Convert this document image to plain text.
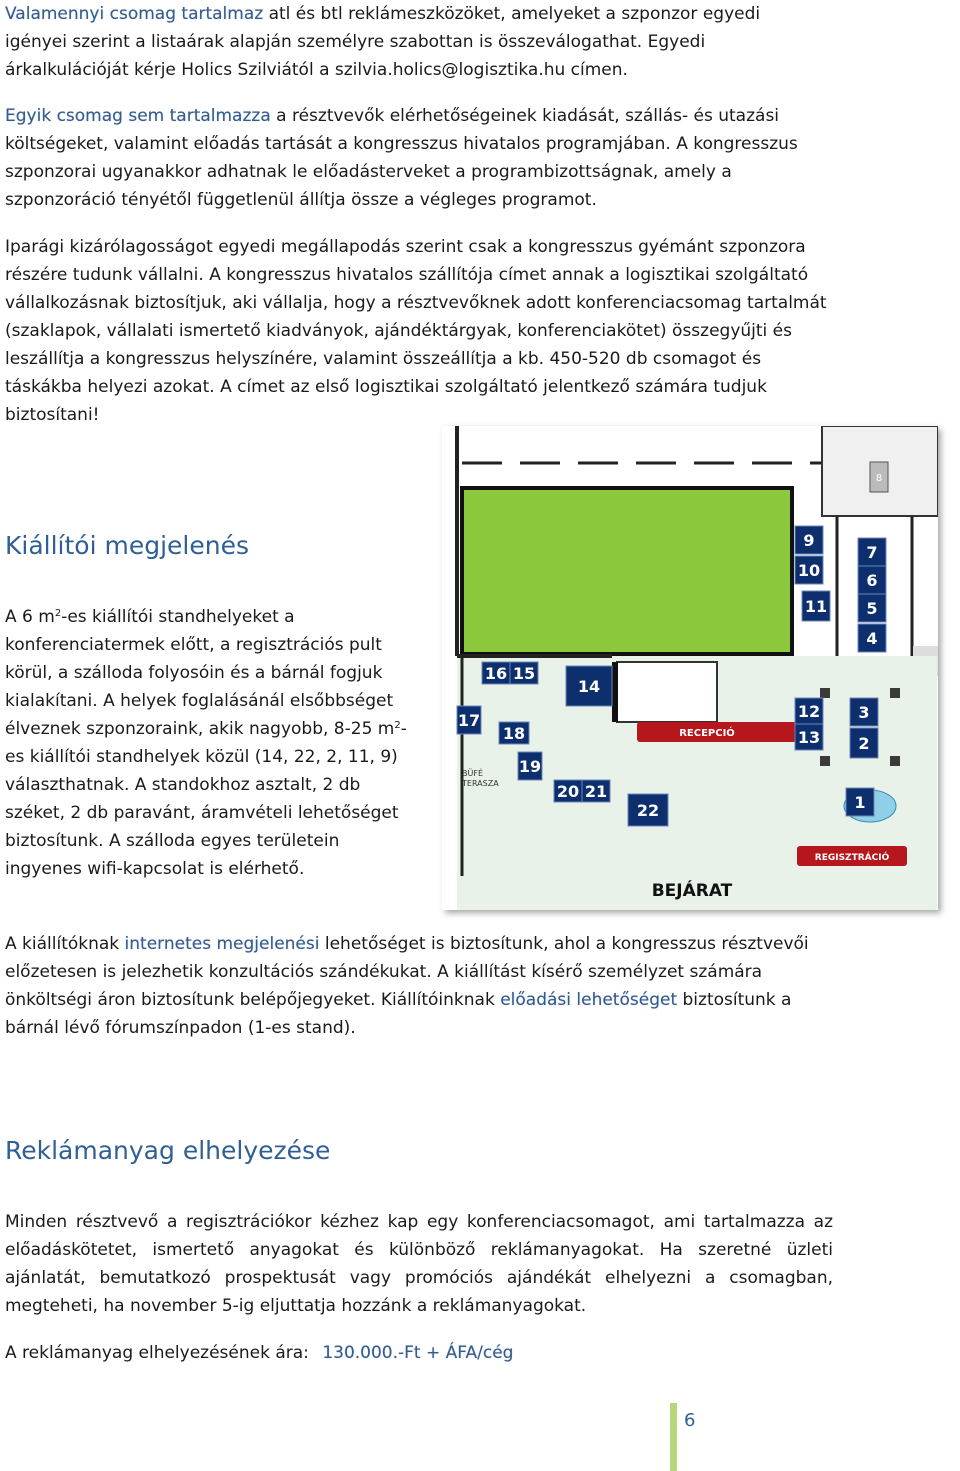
Valamennyi csomag tartalmaz atl és btl reklámeszközöket, amelyeket a szponzor egyedi igényei szerint a listaárak alapján személyre szabottan is összeválogathat. Egyedi árkalkulációját kérje Holics Szilviától a szilvia.holics@logisztika.hu címen.

Egyik csomag sem tartalmazza a résztvevők elérhetőségeinek kiadását, szállás- és utazási költségeket, valamint előadás tartását a kongresszus hivatalos programjában. A kongresszus szponzorai ugyanakkor adhatnak le előadásterveket a programbizottságnak, amely a szponzoráció tényétől függetlenül állítja össze a végleges programot.

Iparági kizárólagosságot egyedi megállapodás szerint csak a kongresszus gyémánt szponzora részére tudunk vállalni. A kongresszus hivatalos szállítója címet annak a logisztikai szolgáltató vállalkozásnak biztosítjuk, aki vállalja, hogy a résztvevőknek adott konferenciacsomag tartalmát (szaklapok, vállalati ismertető kiadványok, ajándéktárgyak, konferenciakötet) összegyűjti és leszállítja a kongresszus helyszínére, valamint összeállítja a kb. 450-520 db csomagot és táskákba helyezi azokat. A címet az első logisztikai szolgáltató jelentkező számára tudjuk biztosítani!

Kiállítói megjelenés

A 6 $m^2-es$ kiállítói standhelyeket a konferenciatermek előtt, a regisztrációs pult körül, a szálloda folyosóin és a bárnál fogjuk kialakítani. A helyek foglalásánál elsőbbséget élveznek szponzoraink, akik nagyobb, 8-25 $m^2-es$ kiállítói standhelyek közül (14, 22, 2, 11, 9) választhatnak. A standokhoz asztalt, 2 db széket, 2 db paravánt, áramvételi lehetőséget biztosítunk. A szálloda egyes területein ingyenes wifi-kapcsolat is elérhető.

8
RECEPCIÓ
REGISZTRÁCIÓ
BÜFÉ
TERASZA
BEJÁRAT
1
2
3
4
5
6
7
9
10
11
12
13
14
15
16
17
18
19
20 21
22

A kiállítóknak internetes megjelenési lehetőséget is biztosítunk, ahol a kongresszus résztvevői előzetesen is jelezhetik konzultációs szándékukat. A kiállítást kísérő személyzet számára önköltségi áron biztosítunk belépőjegyeket. Kiállítóinknak előadási lehetőséget biztosítunk a bárnál lévő fórumszínpadon (1-es stand).

Reklámanyag elhelyezése

Minden résztvevő a regisztrációkor kézhez kap egy konferenciacsomagot, ami tartalmazza az előadáskötetet, ismertető anyagokat és különböző reklámanyagokat. Ha szeretné üzleti ajánlatát, bemutatkozó prospektusát vagy promóciós ajándékát elhelyezni a csomagban, megteheti, ha november 5-ig eljuttatja hozzánk a reklámanyagokat.

A reklámanyag elhelyezésének ára: 130.000.-Ft + ÁFA/cég

6
